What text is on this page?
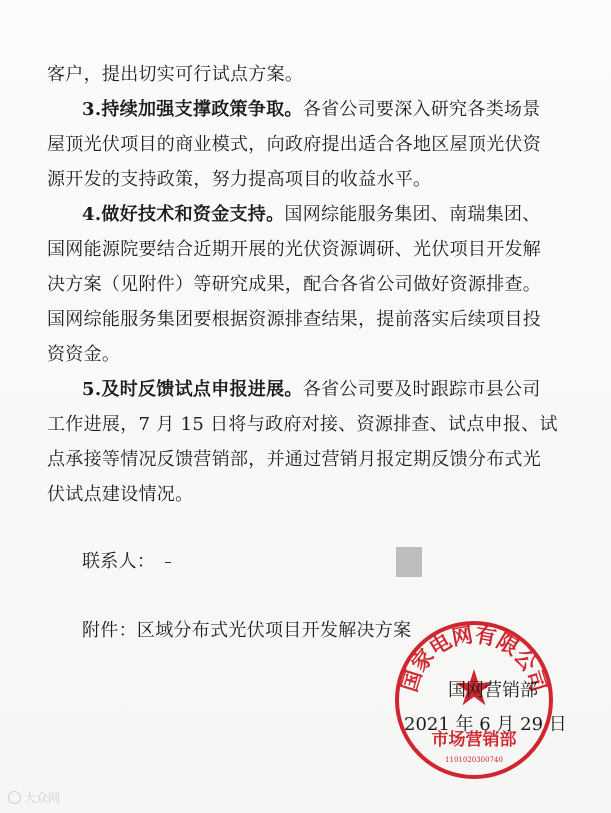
客户，提出切实可行试点方案。
3.持续加强支撑政策争取。各省公司要深入研究各类场景
屋顶光伏项目的商业模式，向政府提出适合各地区屋顶光伏资
源开发的支持政策，努力提高项目的收益水平。
4.做好技术和资金支持。国网综能服务集团、南瑞集团、
国网能源院要结合近期开展的光伏资源调研、光伏项目开发解
决方案（见附件）等研究成果，配合各省公司做好资源排查。
国网综能服务集团要根据资源排查结果，提前落实后续项目投
资资金。
5.及时反馈试点申报进展。各省公司要及时跟踪市县公司
工作进展，7 月 15 日将与政府对接、资源排查、试点申报、试
点承接等情况反馈营销部，并通过营销月报定期反馈分布式光
伏试点建设情况。
联系人：
附件：区域分布式光伏项目开发解决方案
国家电网有限公司
市场营销部
1101020300740
国网营销部
2021 年 6 月 29 日
大众网
